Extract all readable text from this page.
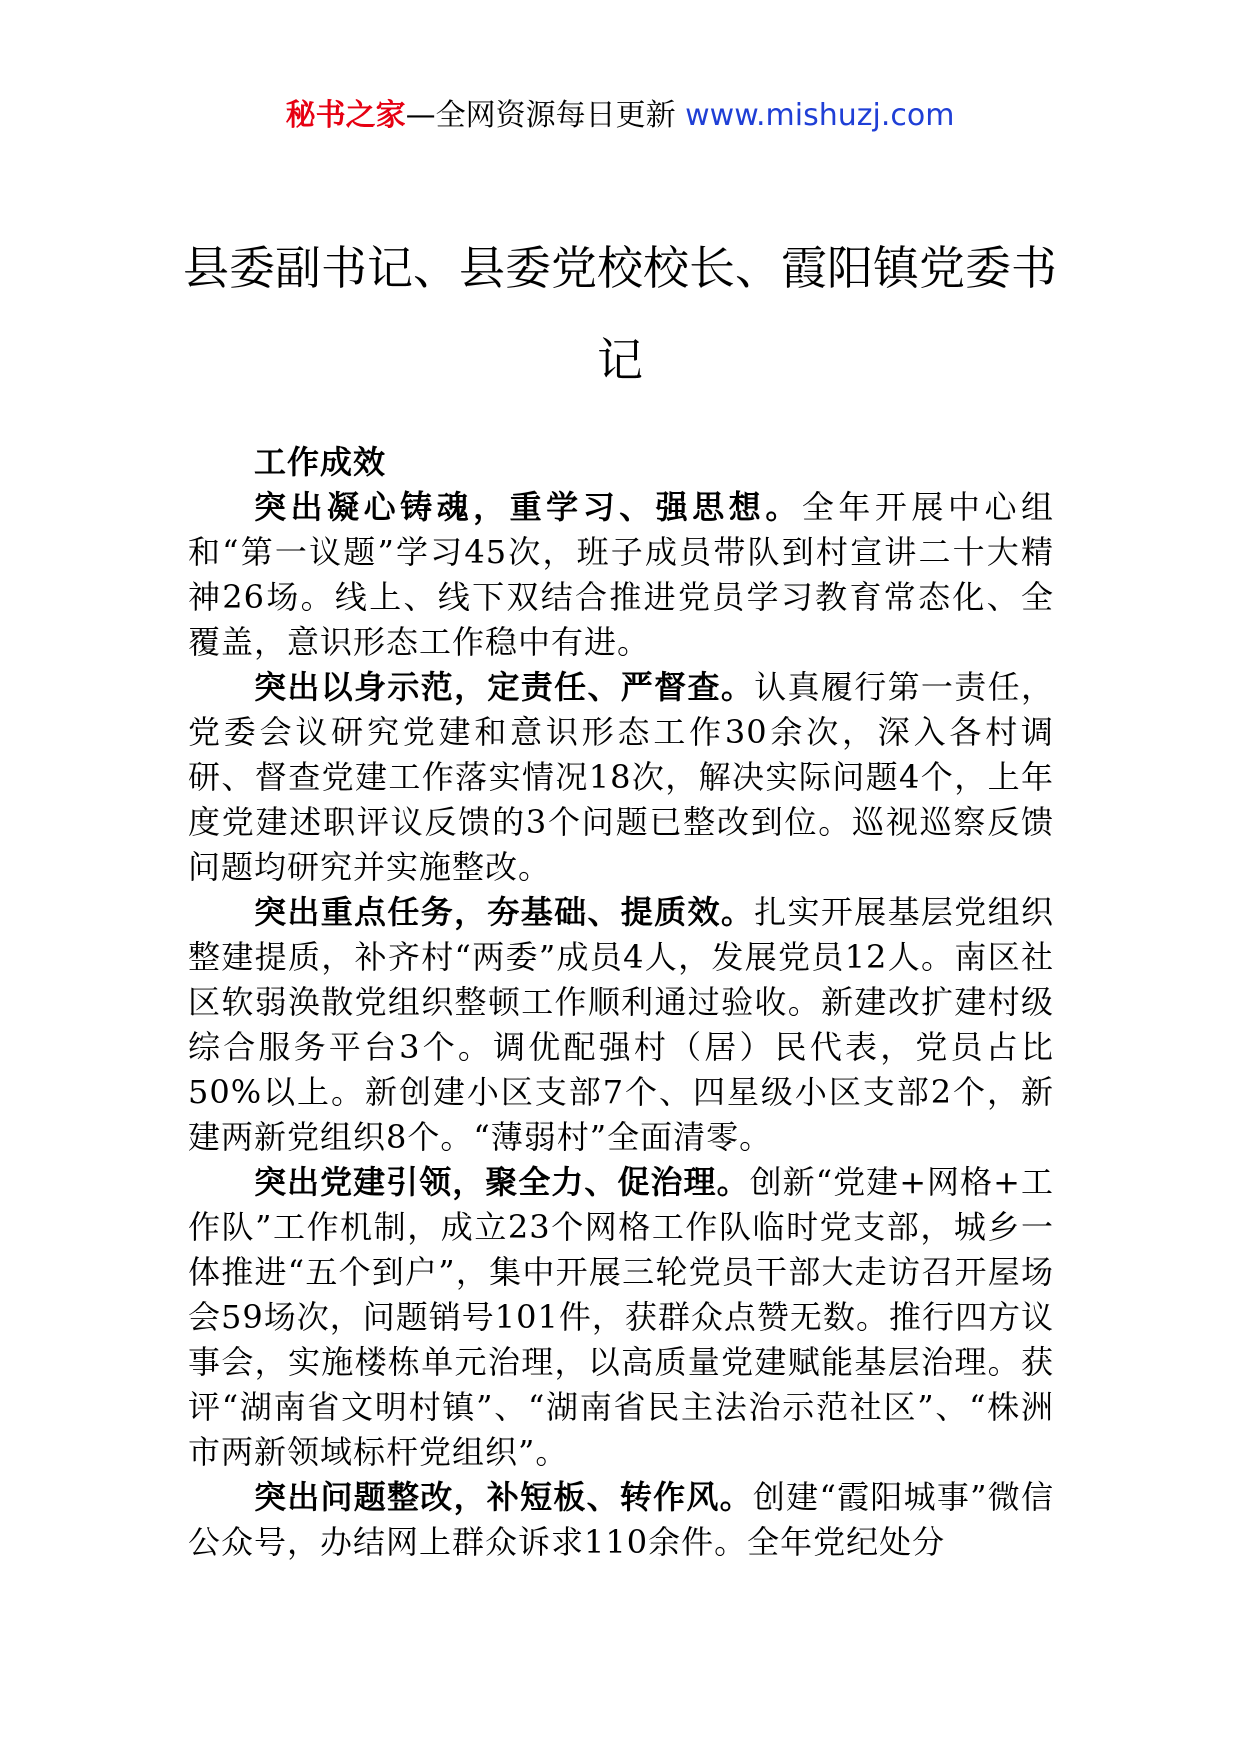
秘书之家—全网资源每日更新 www.mishuzj.com
县委副书记、县委党校校长、霞阳镇党委书记

工作成效

突出凝心铸魂，重学习、强思想。全年开展中心组和“第一议题”学习45次，班子成员带队到村宣讲二十大精神26场。线上、线下双结合推进党员学习教育常态化、全覆盖，意识形态工作稳中有进。

突出以身示范，定责任、严督查。认真履行第一责任，党委会议研究党建和意识形态工作30余次，深入各村调研、督查党建工作落实情况18次，解决实际问题4个，上年度党建述职评议反馈的3个问题已整改到位。巡视巡察反馈问题均研究并实施整改。

突出重点任务，夯基础、提质效。扎实开展基层党组织整建提质，补齐村“两委”成员4人，发展党员12人。南区社区软弱涣散党组织整顿工作顺利通过验收。新建改扩建村级综合服务平台3个。调优配强村（居）民代表，党员占比50%以上。新创建小区支部7个、四星级小区支部2个，新建两新党组织8个。“薄弱村”全面清零。

突出党建引领，聚全力、促治理。创新“党建+网格+工作队”工作机制，成立23个网格工作队临时党支部，城乡一体推进“五个到户”，集中开展三轮党员干部大走访召开屋场会59场次，问题销号101件，获群众点赞无数。推行四方议事会，实施楼栋单元治理，以高质量党建赋能基层治理。获评“湖南省文明村镇”、“湖南省民主法治示范社区”、“株洲市两新领域标杆党组织”。

突出问题整改，补短板、转作风。创建“霞阳城事”微信公众号，办结网上群众诉求110余件。全年党纪处分
